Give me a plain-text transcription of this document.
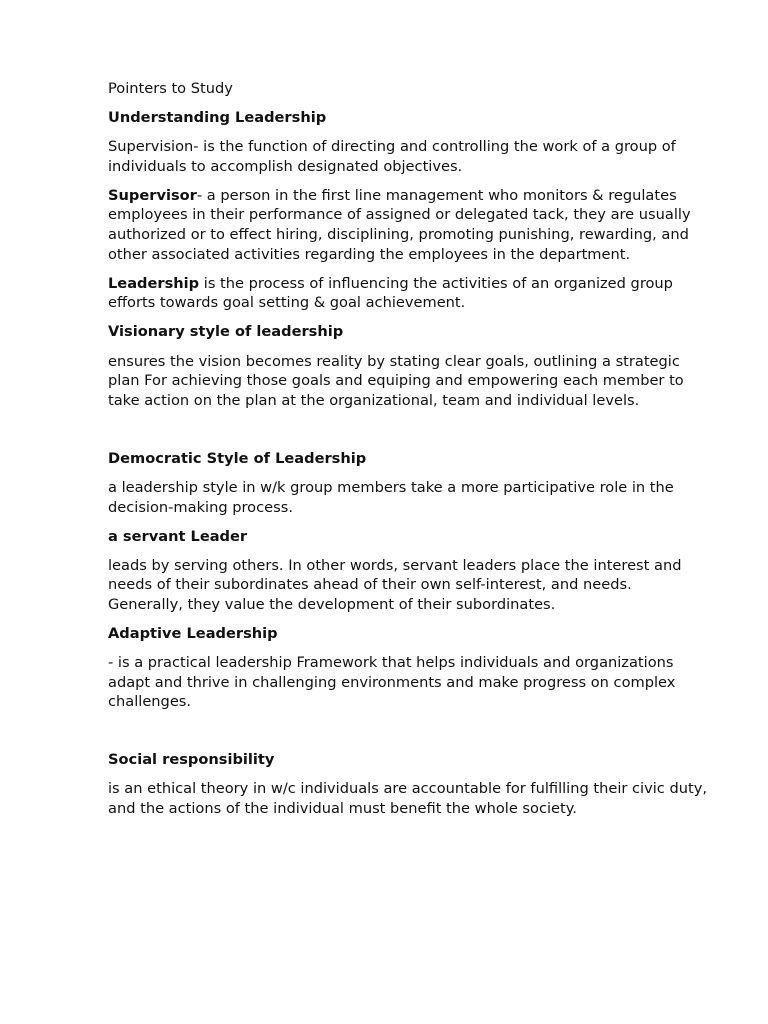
Pointers to Study

Understanding Leadership

Supervision- is the function of directing and controlling the work of a group of individuals to accomplish designated objectives.

Supervisor- a person in the first line management who monitors & regulates employees in their performance of assigned or delegated tack, they are usually authorized or to effect hiring, disciplining, promoting punishing, rewarding, and other associated activities regarding the employees in the department.

Leadership is the process of influencing the activities of an organized group efforts towards goal setting & goal achievement.

Visionary style of leadership

ensures the vision becomes reality by stating clear goals, outlining a strategic plan For achieving those goals and equiping and empowering each member to take action on the plan at the organizational, team and individual levels.

Democratic Style of Leadership

a leadership style in w/k group members take a more participative role in the decision-making process.

a servant Leader

leads by serving others. In other words, servant leaders place the interest and needs of their subordinates ahead of their own self-interest, and needs. Generally, they value the development of their subordinates.

Adaptive Leadership

- is a practical leadership Framework that helps individuals and organizations adapt and thrive in challenging environments and make progress on complex challenges.

Social responsibility

is an ethical theory in w/c individuals are accountable for fulfilling their civic duty, and the actions of the individual must benefit the whole society.
